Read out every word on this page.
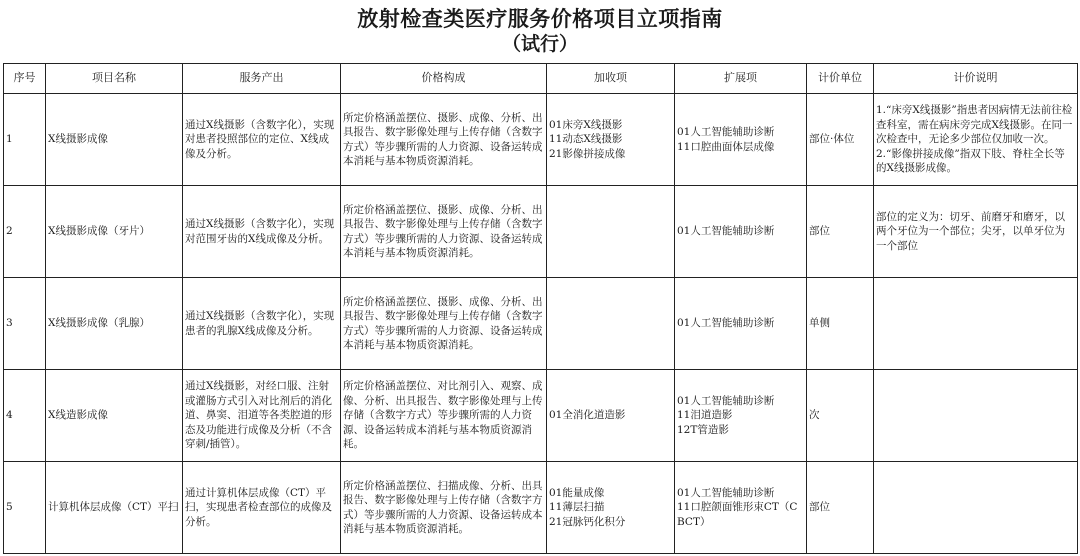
放射检查类医疗服务价格项目立项指南
（试行）
序号	项目名称	服务产出	价格构成	加收项	扩展项	计价单位	计价说明
1	X线摄影成像	通过X线摄影（含数字化），实现对患者投照部位的定位、X线成像及分析。	所定价格涵盖摆位、摄影、成像、分析、出具报告、数字影像处理与上传存储（含数字方式）等步骤所需的人力资源、设备运转成本消耗与基本物质资源消耗。	01床旁X线摄影
11动态X线摄影
21影像拼接成像	01人工智能辅助诊断
11口腔曲面体层成像	部位·体位	1.“床旁X线摄影”指患者因病情无法前往检查科室，需在病床旁完成X线摄影。在同一次检查中，无论多少部位仅加收一次。2.“影像拼接成像”指双下肢、脊柱全长等的X线摄影成像。
2	X线摄影成像（牙片）	通过X线摄影（含数字化），实现对范围牙齿的X线成像及分析。	所定价格涵盖摆位、摄影、成像、分析、出具报告、数字影像处理与上传存储（含数字方式）等步骤所需的人力资源、设备运转成本消耗与基本物质资源消耗。		01人工智能辅助诊断	部位	部位的定义为：切牙、前磨牙和磨牙，以两个牙位为一个部位；尖牙，以单牙位为一个部位
3	X线摄影成像（乳腺）	通过X线摄影（含数字化），实现患者的乳腺X线成像及分析。	所定价格涵盖摆位、摄影、成像、分析、出具报告、数字影像处理与上传存储（含数字方式）等步骤所需的人力资源、设备运转成本消耗与基本物质资源消耗。		01人工智能辅助诊断	单侧	
4	X线造影成像	通过X线摄影，对经口服、注射或灌肠方式引入对比剂后的消化道、鼻窦、泪道等各类腔道的形态及功能进行成像及分析（不含穿刺/插管）。	所定价格涵盖摆位、对比剂引入、观察、成像、分析、出具报告、数字影像处理与上传存储（含数字方式）等步骤所需的人力资源、设备运转成本消耗与基本物质资源消耗。	01全消化道造影	01人工智能辅助诊断
11泪道造影
12T管造影	次	
5	计算机体层成像（CT）平扫	通过计算机体层成像（CT）平扫，实现患者检查部位的成像及分析。	所定价格涵盖摆位、扫描成像、分析、出具报告、数字影像处理与上传存储（含数字方式）等步骤所需的人力资源、设备运转成本消耗与基本物质资源消耗。	01能量成像
11薄层扫描
21冠脉钙化积分	01人工智能辅助诊断
11口腔颌面锥形束CT（CBCT）	部位	
